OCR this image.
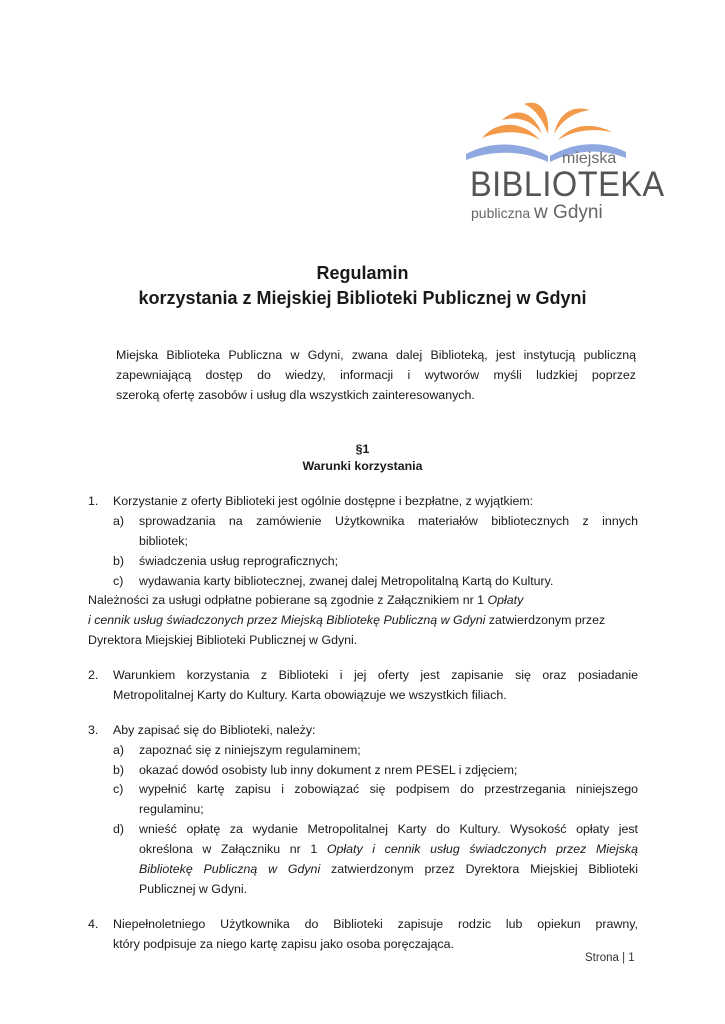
miejska
BIBLIOTEKA
publiczna w Gdyni
Regulamin
korzystania z Miejskiej Biblioteki Publicznej w Gdyni
Miejska Biblioteka Publiczna w Gdyni, zwana dalej Biblioteką, jest instytucją publiczną
zapewniającą dostęp do wiedzy, informacji i wytworów myśli ludzkiej poprzez
szeroką ofertę zasobów i usług dla wszystkich zainteresowanych.
§1
Warunki korzystania
1. Korzystanie z oferty Biblioteki jest ogólnie dostępne i bezpłatne, z wyjątkiem:
a) sprowadzania na zamówienie Użytkownika materiałów bibliotecznych z innych
bibliotek;
b) świadczenia usług reprograficznych;
c) wydawania karty bibliotecznej, zwanej dalej Metropolitalną Kartą do Kultury.
Należności za usługi odpłatne pobierane są zgodnie z Załącznikiem nr 1 Opłaty
i cennik usług świadczonych przez Miejską Bibliotekę Publiczną w Gdyni zatwierdzonym przez
Dyrektora Miejskiej Biblioteki Publicznej w Gdyni.
2. Warunkiem korzystania z Biblioteki i jej oferty jest zapisanie się oraz posiadanie
Metropolitalnej Karty do Kultury. Karta obowiązuje we wszystkich filiach.
3. Aby zapisać się do Biblioteki, należy:
a) zapoznać się z niniejszym regulaminem;
b) okazać dowód osobisty lub inny dokument z nrem PESEL i zdjęciem;
c) wypełnić kartę zapisu i zobowiązać się podpisem do przestrzegania niniejszego
regulaminu;
d) wnieść opłatę za wydanie Metropolitalnej Karty do Kultury. Wysokość opłaty jest
określona w Załączniku nr 1 Opłaty i cennik usług świadczonych przez Miejską
Bibliotekę Publiczną w Gdyni zatwierdzonym przez Dyrektora Miejskiej Biblioteki
Publicznej w Gdyni.
4. Niepełnoletniego Użytkownika do Biblioteki zapisuje rodzic lub opiekun prawny,
który podpisuje za niego kartę zapisu jako osoba poręczająca.
Strona | 1
